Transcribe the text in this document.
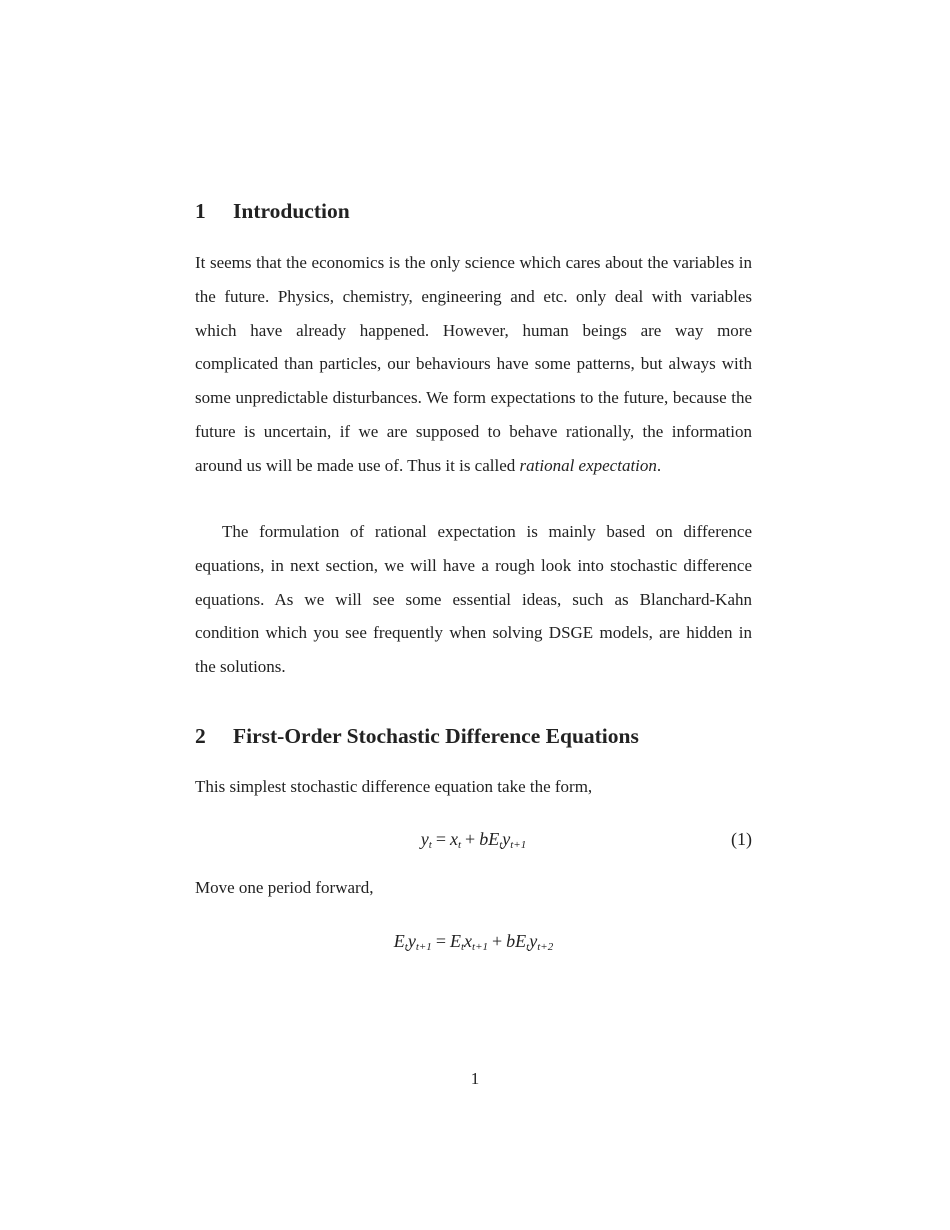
1 Introduction

It seems that the economics is the only science which cares about the variables in the future. Physics, chemistry, engineering and etc. only deal with variables which have already happened. However, human beings are way more complicated than particles, our behaviours have some patterns, but always with some unpredictable disturbances. We form expectations to the future, because the future is uncertain, if we are supposed to behave rationally, the information around us will be made use of. Thus it is called rational expectation.

The formulation of rational expectation is mainly based on difference equations, in next section, we will have a rough look into stochastic difference equations. As we will see some essential ideas, such as Blanchard-Kahn condition which you see frequently when solving DSGE models, are hidden in the solutions.

2 First-Order Stochastic Difference Equations

This simplest stochastic difference equation take the form,

$y_t = x_t + bE_ty_{t+1}$	(1)

Move one period forward,

$E_ty_{t+1} = E_tx_{t+1} + bE_ty_{t+2}$
1
